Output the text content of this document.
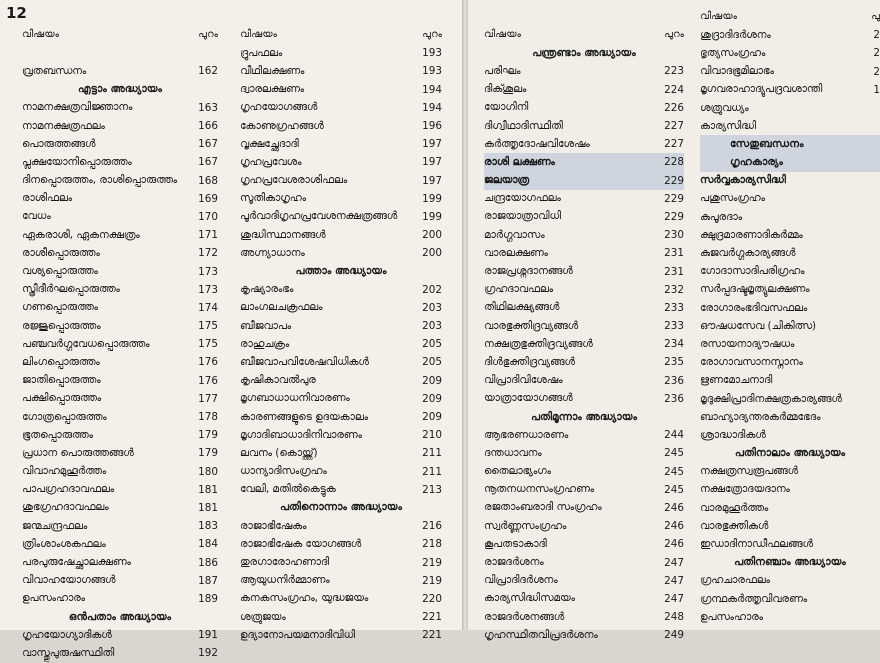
12
വിഷയം	പുറം
വ്രതബന്ധനം	162
എട്ടാം അദ്ധ്യായം
നാമനക്ഷത്രവിജ്ഞാനം	163
നാമനക്ഷത്രഫലം	166
പൊരുത്തങ്ങൾ	167
പ്ലക്ഷയോനിപ്പൊരുത്തം	167
ദിനപ്പൊരുത്തം, രാശിപ്പൊരുത്തം	168
രാശിഫലം	169
വേധം	170
ഏകരാശി, ഏകനക്ഷത്രം	171
രാശീപ്പൊരുത്തം	172
വശ്യപ്പൊരുത്തം	173
സ്ത്രീദീർഘപ്പൊരുത്തം	173
ഗണപ്പൊരുത്തം	174
രജ്ജുപ്പൊരുത്തം	175
പഞ്ചവർഗ്ഗവേധപ്പൊരുത്തം	175
ലിംഗപ്പൊരുത്തം	176
ജാതിപ്പൊരുത്തം	176
പക്ഷിപ്പൊരുത്തം	177
ഗോത്രപ്പൊരുത്തം	178
ഭൂതപ്പൊരുത്തം	179
പ്രധാന പൊരുത്തങ്ങൾ	179
വിവാഹമുഹൂർത്തം	180
പാപഗ്രഹദാവഫലം	181
ശുഭഗ്രഹദാവഫലം	181
ജന്മചന്ദ്രഫലം	183
ത്രിംശാംശകഫലം	184
പരപുരുഷേച്ഛാലക്ഷണം	186
വിവാഹയോഗങ്ങൾ	187
ഉപസംഹാരം	189
ഒൻപതാം അദ്ധ്യായം
ഗൃഹയോഗ്യാദികൾ	191
വാസ്തുപുരുഷസ്ഥിതി	192
വിഷയം	പുറം
ദ്രുപഫലം	193
വീഥിലക്ഷണം	193
ദ്വാരലക്ഷണം	194
ഗൃഹയോഗങ്ങൾ	194
കോണുഗ്രഹങ്ങൾ	196
വൃക്ഷച്ഛേദാദി	197
ഗൃഹപ്രവേശം	197
ഗൃഹപ്രവേശരാശിഫലം	197
സൂതികാഗൃഹം	199
പൂർവാദിഗൃഹപ്രവേശനക്ഷത്രങ്ങൾ	199
ശുദ്ധിസ്ഥാനങ്ങൾ	200
അഗ്ന്യാധാനം	200
പത്താം അദ്ധ്യായം
കൃഷ്യാരംഭം	202
ലാംഗലചക്രഫലം	203
ബീജവാപം	203
രാഹുചക്രം	205
ബീജവാപവിശേഷവിധികൾ	205
കൃഷികാവൽപുര	209
മൃഗബാധാധനിവാരണം	209
കാരണങ്ങളുടെ ഉദയകാലം	209
മൃഗാദിബാധാദിനിവാരണം	210
ലവനം (കൊയ്ത്ത്)	211
ധാന്യാദിസംഗ്രഹം	211
വേലി, മതിൽകെട്ടുക	213
പതിനൊന്നാം അദ്ധ്യായം
രാജാഭിഷേകം	216
രാജാഭിഷേക യോഗങ്ങൾ	218
തുരഗാരോഹണാദി	219
ആയുധനിർമ്മാണം	219
കനകസംഗ്രഹം, യുദ്ധജയം	220
ശത്രുജയം	221
ഉദ്യാനോപയമനാദിവിധി	221
വിഷയം	പുറം
പന്ത്രണ്ടാം അദ്ധ്യായം
പരിഘം	223
ദിക്ശൂലം	224
യോഗിനി	226
ദിഗ്വീഥാദിസ്ഥിതി	227
കർത്തൃദോഷവിശേഷം	227
രാശി ലക്ഷണം	228
ജലയാത്ര	229
ചന്ദ്രയോഗഫലം	229
രാജയാത്രാവിധി	229
മാർഗ്ഗവാസം	230
വാരലക്ഷണം	231
രാജപ്രശ്നദാനങ്ങൾ	231
ഗ്രഹദാവഫലം	232
തിഥിലക്ഷ്യങ്ങൾ	233
വാരഭുക്തിദ്രവ്യങ്ങൾ	233
നക്ഷത്രഭുക്തിദ്രവ്യങ്ങൾ	234
ദിൾഭുക്തിദ്രവ്യങ്ങൾ	235
വിപ്രാദിവിശേഷം	236
യാത്രായോഗങ്ങൾ	236
പതിമൂന്നാം അദ്ധ്യായം
ആഭരണധാരണം	244
ദന്തധാവനം	245
തൈലാഭ്യംഗം	245
നൂതനധനസംഗ്രഹണം	245
രജതാംബരാദി സംഗ്രഹം	246
സ്വർണ്ണസംഗ്രഹം	246
കൂപതടാകാദി	246
രാജദർശനം	247
വിപ്രാദിദർശനം	247
കാര്യസിദ്ധിസമയം	247
രാജദർശനങ്ങൾ	248
ഗൃഹസ്ഥിതവിപ്രദർശനം	249
വിഷയം	പു
ശുദ്രാദിദർശനം	2
ഭൃത്യസംഗ്രഹം	2
വിവാദഭൂമിലാഭം	2
മൃഗവരാഹാദ്യുപദ്രവശാന്തി	1
ശത്രുവധ്യം
കാര്യസിദ്ധി
സേതുബന്ധനം
ഗൃഹകാര്യം
സർവ്വകാര്യസിദ്ധി
പശുസംഗ്രഹം
കുപൂരദാം
ക്ഷുദ്രമാരണാദികർമ്മം
കുജവർഗ്ഗകാര്യങ്ങൾ
ഗോദാസാദിപരിഗ്രഹം
സർപ്പദഷ്ടമൃത്യുലക്ഷണം
രോഗാരംഭദിവസഫലം
ഔഷധസേവ (ചികിത്സ)
രസായനാദ്യൗഷധം
രോഗാവസാനസ്നാനം
ഋണമോചനാദി
മൃദുക്ഷിപ്രാദിനക്ഷത്രകാര്യങ്ങൾ
ബാഹ്യാദ്യന്തരകർമ്മഭേദം
ശ്രാദ്ധാദികൾ
പതിനാലാം അദ്ധ്യായം
നക്ഷത്രസ്വരൂപങ്ങൾ
നക്ഷത്രോദയദാനം
വാരമുഹൂർത്തം
വാരഭുക്തികൾ
ഇഡാദിനാഡീഫലങ്ങൾ
പതിനഞ്ചാം അദ്ധ്യായം
ഗ്രഹചാരഫലം
ഗ്രന്ഥകർത്തൃവിവരണം
ഉപസംഹാരം
